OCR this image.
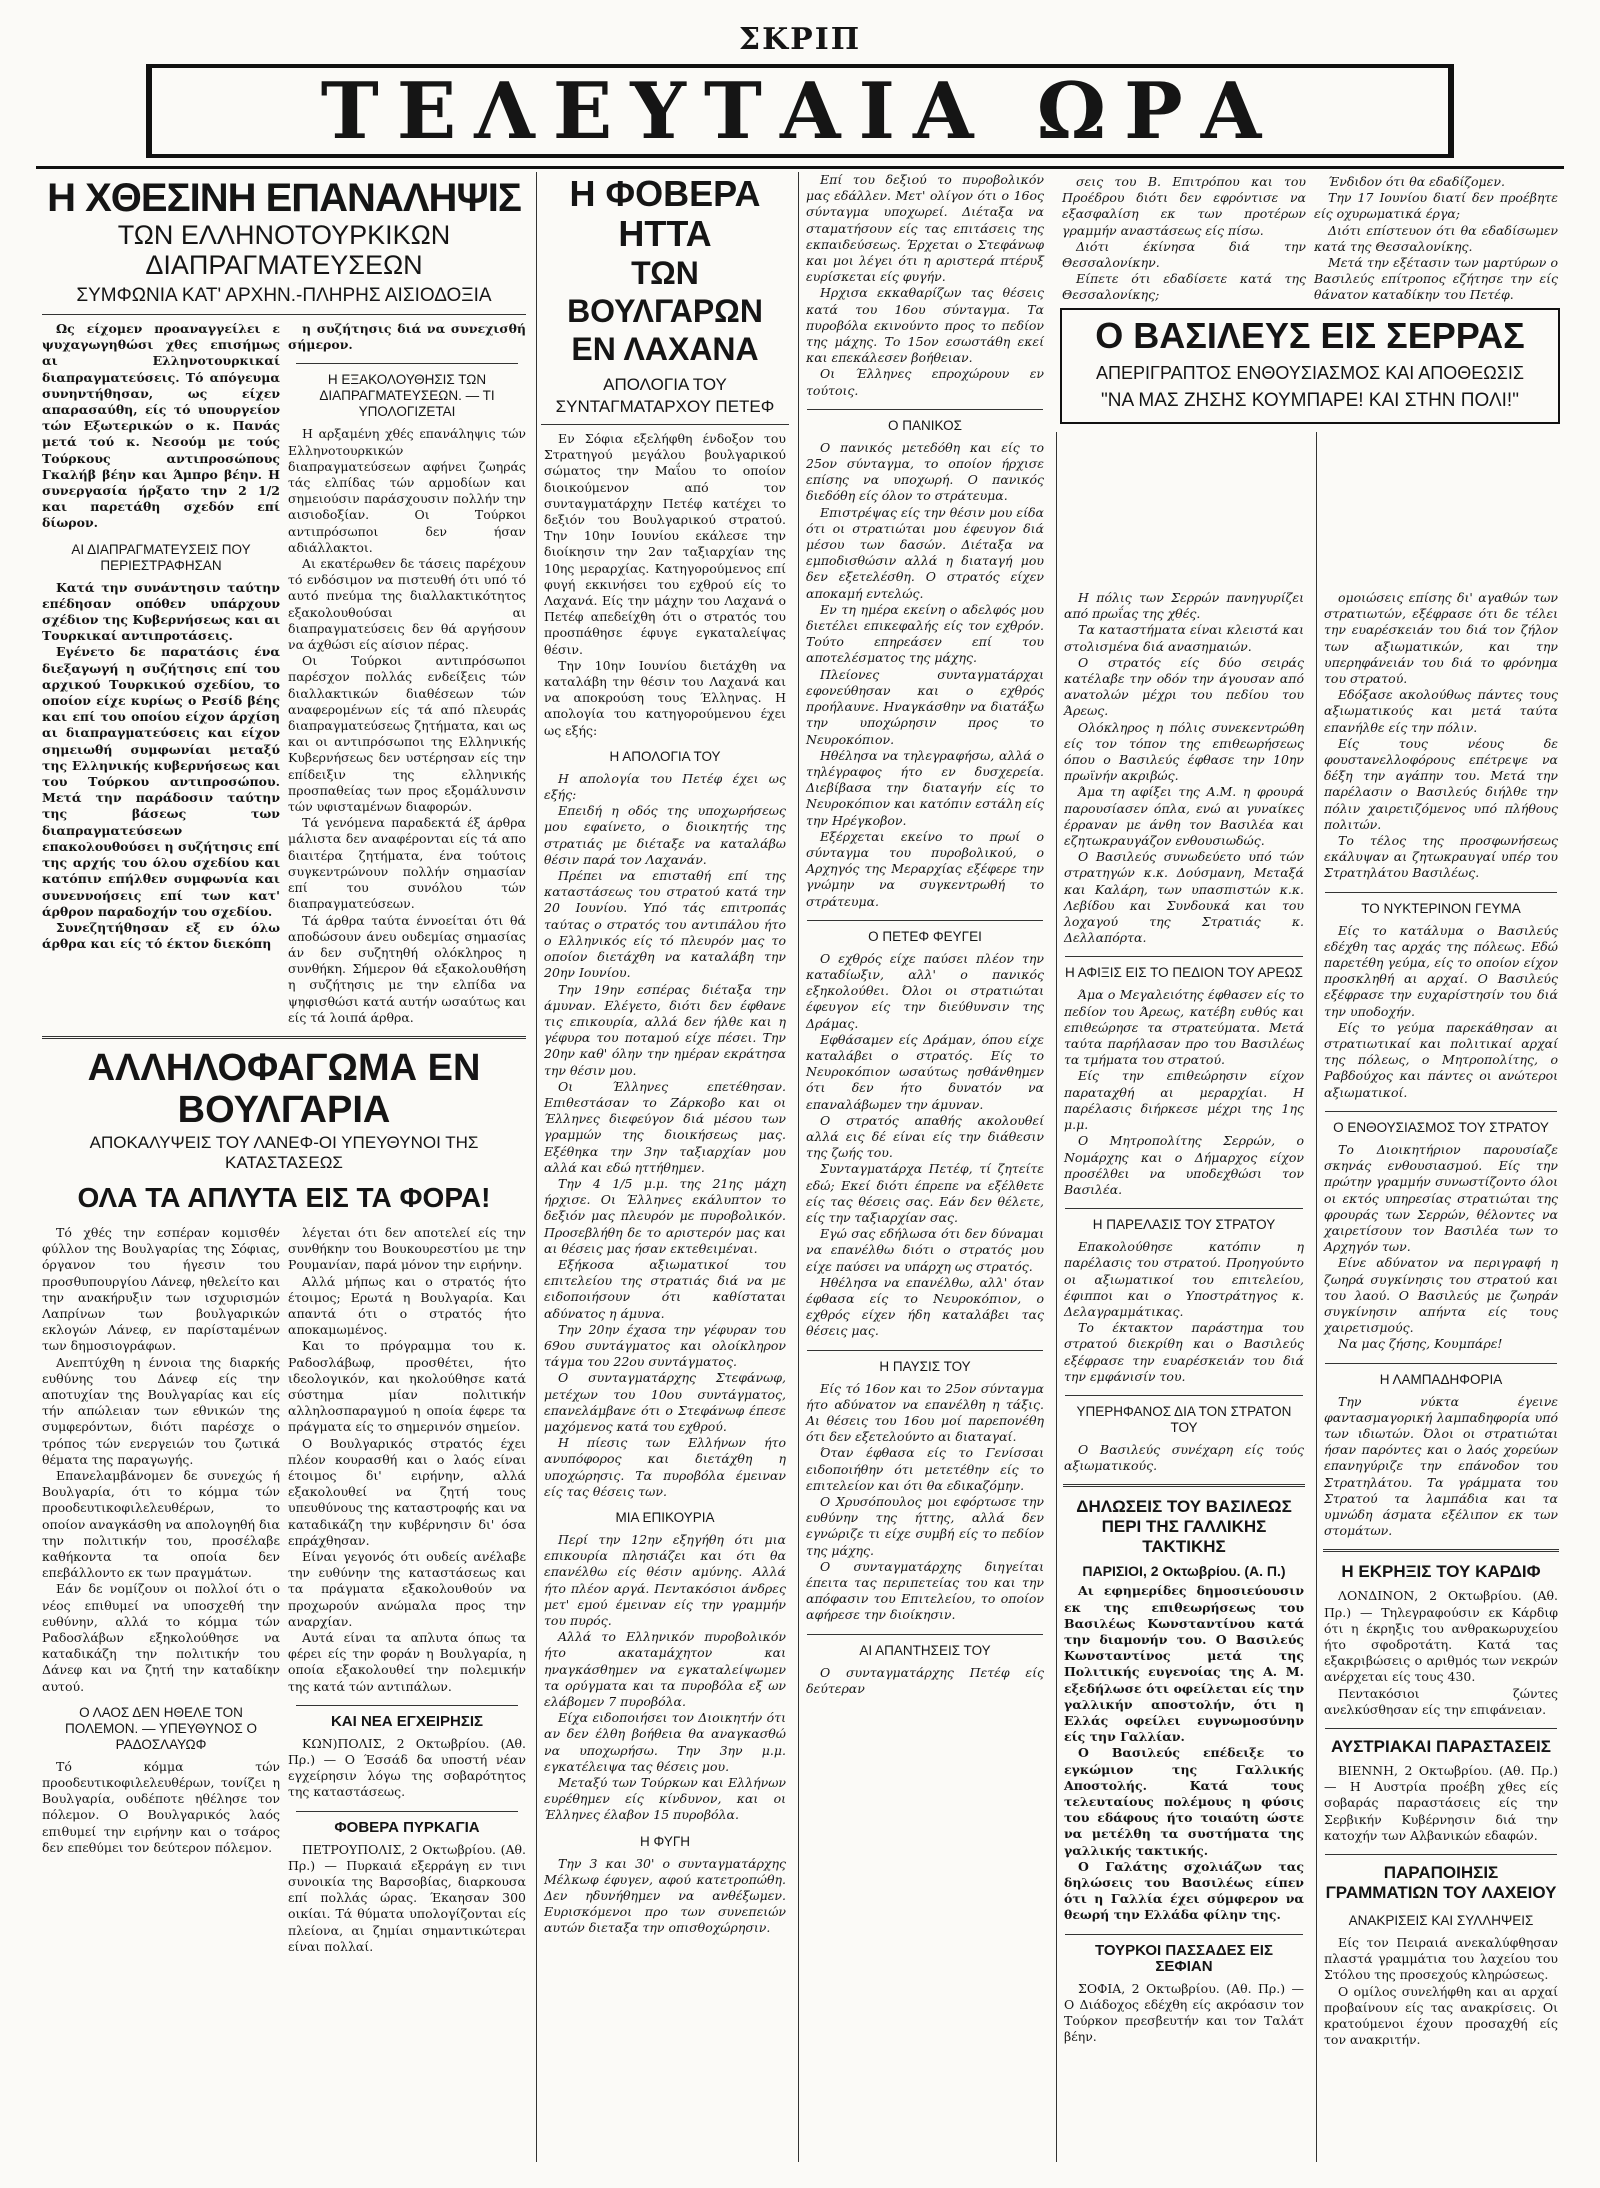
ΣΚΡΙΠ
ΤΕΛΕΥΤΑΙΑ ΩΡΑ
Η ΧΘΕΣΙΝΗ ΕΠΑΝΑΛΗΨΙΣ
ΤΩΝ ΕΛΛΗΝΟΤΟΥΡΚΙΚΩΝ ΔΙΑΠΡΑΓΜΑΤΕΥΣΕΩΝ
ΣΥΜΦΩΝΙΑ ΚΑΤ' ΑΡΧΗΝ.-ΠΛΗΡΗΣ ΑΙΣΙΟΔΟΞΙΑ

Ως είχομεν προαναγγείλει ε ψυχαγωγηθώσι χθες επισήμως αι Ελληνοτουρκικαί διαπραγματεύσεις. Τό απόγευμα συνηντήθησαν, ως είχεν απαρασαύθη, είς τό υπουργείον τών Εξωτερικών ο κ. Πανάς μετά τού κ. Νεσούμ με τούς Τούρκους αντιπροσώπους Γκαλήβ βέην και Άμπρο βέην. Η συνεργασία ήρξατο την 2 1/2 και παρετάθη σχεδόν επί δίωρον.

ΑΙ ΔΙΑΠΡΑΓΜΑΤΕΥΣΕΙΣ ΠΟΥ ΠΕΡΙΕΣΤΡΑΦΗΣΑΝ

Κατά την συνάντησιν ταύτην επέδησαν οπόθεν υπάρχουν σχέδιον της Κυβερνήσεως και αι Τουρκικαί αντιπροτάσεις.

Εγένετο δε παρατάσις ένα διεξαγωγή η συζήτησις επί του αρχικού Τουρκικού σχεδίου, το οποίον είχε κυρίως ο Ρεσίδ βέης και επί του οποίου είχον άρχίση αι διαπραγματεύσεις και είχον σημειωθή συμφωνίαι μεταξύ της Ελληνικής κυβερνήσεως και του Τούρκου αντιπροσώπου. Μετά την παράδοσιν ταύτην της βάσεως των διαπραγματεύσεων επακολουθούσει η συζήτησις επί της αρχής του όλου σχεδίου και κατόπιν επήλθεν συμφωνία και συνεννοήσεις επί των κατ' άρθρον παραδοχήν του σχεδίου.

Συνεζητήθησαν εξ εν όλω άρθρα και είς τό έκτον διεκόπη

η συζήτησις διά να συνεχισθή σήμερον.

Η ΕΞΑΚΟΛΟΥΘΗΣΙΣ ΤΩΝ ΔΙΑΠΡΑΓΜΑΤΕΥΣΕΩΝ. — ΤΙ ΥΠΟΛΟΓΙΖΕΤΑΙ

Η αρξαμένη χθές επανάληψις τών Ελληνοτουρκικών διαπραγματεύσεων αφήνει ζωηράς τάς ελπίδας τών αρμοδίων και σημειούσιν παράσχουσιν πολλήν την αισιοδοξίαν. Οι Τούρκοι αντιπρόσωποι δεν ήσαν αδιάλλακτοι.

Αι εκατέρωθεν δε τάσεις παρέχουν τό ενδόσιμον να πιστευθή ότι υπό τό αυτό πνεύμα της διαλλακτικότητος εξακολουθούσαι αι διαπραγματεύσεις δεν θά αργήσουν να άχθώσι είς αίσιον πέρας.

Οι Τούρκοι αντιπρόσωποι παρέσχον πολλάς ενδείξεις τών διαλλακτικών διαθέσεων τών αναφερομένων είς τά από πλευράς διαπραγματεύσεως ζητήματα, και ως και οι αντιπρόσωποι της Ελληνικής Κυβερνήσεως δεν υστέρησαν είς την επίδειξιν της ελληνικής προσπαθείας των προς εξομάλυνσιν τών υφισταμένων διαφορών.

Τά γενόμενα παραδεκτά έξ άρθρα μάλιστα δεν αναφέρονται είς τά απο διαιτέρα ζητήματα, ένα τούτοις συγκεντρώνουν πολλήν σημασίαν επί του συνόλου τών διαπραγματεύσεων.

Τά άρθρα ταύτα έννοείται ότι θά αποδώσουν άνευ ουδεμίας σημασίας άν δεν συζητηθή ολόκληρος η συνθήκη. Σήμερον θά εξακολουθήση η συζήτησις με την ελπίδα να ψηφισθώσι κατά αυτήν ωσαύτως και είς τά λοιπά άρθρα.

ΑΛΛΗΛΟΦΑΓΩΜΑ ΕΝ ΒΟΥΛΓΑΡΙΑ
ΑΠΟΚΑΛΥΨΕΙΣ ΤΟΥ ΛΑΝΕΦ-ΟΙ ΥΠΕΥΘΥΝΟΙ ΤΗΣ ΚΑΤΑΣΤΑΣΕΩΣ
ΟΛΑ ΤΑ ΑΠΛΥΤΑ ΕΙΣ ΤΑ ΦΟΡΑ!

Τό χθές την εσπέραν κομισθέν φύλλον της Βουλγαρίας της Σόφιας, όργανον του ήγεσιν του προσθυπουργίου Λάνεφ, ηθελείτο και την ανακήρυξιν των ισχυρισμών Λαπρίνων των βουλγαρικών εκλογών Λάνεφ, εν παρίσταμένων των δημοσιογράφων.

Ανεπτύχθη η έννοια της διαρκής ευθύνης του Δάνεφ είς την αποτυχίαν της Βουλγαρίας και είς τήν απώλειαν των εθνικών της συμφερόντων, διότι παρέσχε ο τρόπος τών ενεργειών του ζωτικά θέματα της παραγωγής.

Επανελαμβάνομεν δε συνεχώς ή Βουλγαρία, ότι το κόμμα τών προοδευτικοφιλελευθέρων, το οποίον αναγκάσθη να απολογηθή δια την πολιτικήν του, προσέλαβε καθήκοντα τα οποία δεν επεβάλλοντο εκ των πραγμάτων.

Εάν δε νομίζουν οι πολλοί ότι ο νέος επιθυμεί να υποσχεθή την ευθύνην, αλλά το κόμμα τών Ραδοσλάβων εξηκολούθησε να καταδικάζη την πολιτικήν του Δάνεφ και να ζητή την καταδίκην αυτού.

Ο ΛΑΟΣ ΔΕΝ ΗΘΕΛΕ ΤΟΝ ΠΟΛΕΜΟΝ. — ΥΠΕΥΘΥΝΟΣ Ο ΡΑΔΟΣΛΑΥΩΦ

Τό κόμμα τών προοδευτικοφιλελευθέρων, τονίζει η Βουλγαρία, ουδέποτε ηθέλησε τον πόλεμον. Ο Βουλγαρικός λαός επιθυμεί την ειρήνην και ο τσάρος δεν επεθύμει τον δεύτερον πόλεμον.

λέγεται ότι δεν αποτελεί είς την συνθήκην του Βουκουρεστίου με την Ρουμανίαν, παρά μόνον την ειρήνην.

Αλλά μήπως και ο στρατός ήτο έτοιμος; Ερωτά η Βουλγαρία. Και απαντά ότι ο στρατός ήτο αποκαμωμένος.

Και το πρόγραμμα του κ. Ραδοσλάβωφ, προσθέτει, ήτο ιδεολογικόν, και ηκολούθησε κατά σύστημα μίαν πολιτικήν αλληλοσπαραγμού η οποία έφερε τα πράγματα είς το σημερινόν σημείον.

Ο Βουλγαρικός στρατός έχει πλέον κουρασθή και ο λαός είναι έτοιμος δι' ειρήνην, αλλά εξακολουθεί να ζητή τους υπευθύνους της καταστροφής και να καταδικάζη την κυβέρνησιν δι' όσα επράχθησαν.

Είναι γεγονός ότι ουδείς ανέλαβε την ευθύνην της καταστάσεως και τα πράγματα εξακολουθούν να προχωρούν ανώμαλα προς την αναρχίαν.

Αυτά είναι τα απλυτα όπως τα φέρει είς την φοράν η Βουλγαρία, η οποία εξακολουθεί την πολεμικήν της κατά τών αντιπάλων.

ΚΑΙ ΝΕΑ ΕΓΧΕΙΡΗΣΙΣ

ΚΩΝ)ΠΟΛΙΣ, 2 Οκτωβρίου. (Αθ. Πρ.) — Ο Έσσάδ δα υποστή νέαν εγχείρησιν λόγω της σοβαρότητος της καταστάσεως.

ΦΟΒΕΡΑ ΠΥΡΚΑΓΙΑ

ΠΕΤΡΟΥΠΟΛΙΣ, 2 Οκτωβρίου. (Αθ. Πρ.) — Πυρκαιά εξερράγη εν τινι συνοικία της Βαρσοβίας, διαρκουσα επί πολλάς ώρας. Έκαησαν 300 οικίαι. Τά θύματα υπολογίζονται είς πλείονα, αι ζημίαι σημαντικώτεραι είναι πολλαί.

Η ΦΟΒΕΡΑ ΗΤΤΑ
ΤΩΝ ΒΟΥΛΓΑΡΩΝ ΕΝ ΛΑΧΑΝΑ
ΑΠΟΛΟΓΙΑ ΤΟΥ ΣΥΝΤΑΓΜΑΤΑΡΧΟΥ ΠΕΤΕΦ

Εν Σόφια εξελήφθη ένδοξον του Στρατηγού μεγάλου βουλγαρικού σώματος την Μαΐου το οποίον διοικούμενον από τον συνταγματάρχην Πετέφ κατέχει το δεξιόν του Βουλγαρικού στρατού. Την 10ην Ιουνίου εκάλεσε την διοίκησιν την 2αν ταξιαρχίαν της 10ης μεραρχίας. Κατηγορούμενος επί φυγή εκκινήσει του εχθρού είς το Λαχανά. Είς την μάχην του Λαχανά ο Πετέφ απεδείχθη ότι ο στρατός του προσπάθησε έφυγε εγκαταλείψας θέσιν.

Την 10ην Ιουνίου διετάχθη να καταλάβη την θέσιν του Λαχανά και να αποκρούση τους Έλληνας. Η απολογία του κατηγορούμενου έχει ως εξής:

Η ΑΠΟΛΟΓΙΑ ΤΟΥ

Η απολογία του Πετέφ έχει ως εξής:

Επειδή η οδός της υποχωρήσεως μου εφαίνετο, ο διοικητής της στρατιάς με διέταξε να καταλάβω θέσιν παρά τον Λαχανάν.

Πρέπει να επισταθή επί της καταστάσεως του στρατού κατά την 20 Ιουνίου. Υπό τάς επιτροπάς ταύτας ο στρατός του αντιπάλου ήτο ο Ελληνικός είς τό πλευρόν μας το οποίον διετάχθη να καταλάβη την 20ην Ιουνίου.

Την 19ην εσπέρας διέταξα την άμυναν. Ελέγετο, διότι δεν έφθανε τις επικουρία, αλλά δεν ήλθε και η γέφυρα του ποταμού είχε πέσει. Την 20ην καθ' όλην την ημέραν εκράτησα την θέσιν μου.

Οι Έλληνες επετέθησαν. Επιθεστάσαν το Ζάρκοβο και οι Έλληνες διεφεύγον διά μέσου των γραμμών της διοικήσεως μας. Εξέθηκα την 3ην ταξιαρχίαν μου αλλά και εδώ ηττήθημεν.

Την 4 1/5 μ.μ. της 21ης μάχη ήρχισε. Οι Έλληνες εκάλυπτον το δεξιόν μας πλευρόν με πυροβολικόν. Προσεβλήθη δε το αριστερόν μας και αι θέσεις μας ήσαν εκτεθειμέναι.

Εξήκοσα αξιωματικοί του επιτελείου της στρατιάς διά να με ειδοποιήσουν ότι καθίσταται αδύνατος η άμυνα.

Την 20ην έχασα την γέφυραν του 69ου συντάγματος και ολοίκληρον τάγμα του 22ου συντάγματος.

Ο συνταγματάρχης Στεφάνωφ, μετέχων του 10ου συντάγματος, επανελάμβανε ότι ο Στεφάνωφ έπεσε μαχόμενος κατά του εχθρού.

Η πίεσις των Ελλήνων ήτο ανυπόφορος και διετάχθη η υποχώρησις. Τα πυροβόλα έμειναν είς τας θέσεις των.

ΜΙΑ ΕΠΙΚΟΥΡΙΑ

Περί την 12ην εξηγήθη ότι μια επικουρία πλησιάζει και ότι θα επανέλθω είς θέσιν αμύνης. Αλλά ήτο πλέον αργά. Πεντακόσιοι άνδρες μετ' εμού έμειναν είς την γραμμήν του πυρός.

Αλλά το Ελληνικόν πυροβολικόν ήτο ακαταμάχητον και ηναγκάσθημεν να εγκαταλείψωμεν τα ορύγματα και τα πυροβόλα εξ ων ελάβομεν 7 πυροβόλα.

Είχα ειδοποιήσει τον Διοικητήν ότι αν δεν έλθη βοήθεια θα αναγκασθώ να υποχωρήσω. Την 3ην μ.μ. εγκατέλειψα τας θέσεις μου.

Μεταξύ των Τούρκων και Ελλήνων ευρέθημεν είς κίνδυνον, και οι Έλληνες έλαβον 15 πυροβόλα.

Η ΦΥΓΗ

Την 3 και 30' ο συνταγματάρχης Μέλκωφ έφυγεν, αφού κατετροπώθη. Δεν ηδυνήθημεν να ανθέξωμεν. Ευρισκόμενοι προ των συνεπειών αυτών διεταξα την οπισθοχώρησιν.

Επί του δεξιού το πυροβολικόν μας εδάλλεν. Μετ' ολίγον ότι ο 16ος σύνταγμα υποχωρεί. Διέταξα να σταματήσουν είς τας επιτάσεις της εκπαιδεύσεως. Έρχεται ο Στεφάνωφ και μοι λέγει ότι η αριστερά πτέρυξ ευρίσκεται είς φυγήν.

Ηρχισα εκκαθαρίζων τας θέσεις κατά του 16ου σύνταγμα. Τα πυροβόλα εκινούντο προς το πεδίον της μάχης. Το 15ον εσωστάθη εκεί και επεκάλεσεν βοήθειαν.

Οι Έλληνες επροχώρουν εν τούτοις.

Ο ΠΑΝΙΚΟΣ

Ο πανικός μετεδόθη και είς το 25ον σύνταγμα, το οποίον ήρχισε επίσης να υποχωρή. Ο πανικός διεδόθη είς όλον το στράτευμα.

Επιστρέψας είς την θέσιν μου είδα ότι οι στρατιώται μου έφευγον διά μέσου των δασών. Διέταξα να εμποδισθώσιν αλλά η διαταγή μου δεν εξετελέσθη. Ο στρατός είχεν αποκαμή εντελώς.

Εν τη ημέρα εκείνη ο αδελφός μου διετέλει επικεφαλής είς τον εχθρόν. Τούτο επηρεάσεν επί του αποτελέσματος της μάχης.

Πλείονες συνταγματάρχαι εφονεύθησαν και ο εχθρός προήλαυνε. Ηναγκάσθην να διατάξω την υποχώρησιν προς το Νευροκόπιον.

Ηθέλησα να τηλεγραφήσω, αλλά ο τηλέγραφος ήτο εν δυσχερεία. Διεβίβασα την διαταγήν είς το Νευροκόπιον και κατόπιν εστάλη είς την Ηρέγκοβον.

Εξέρχεται εκείνο το πρωί ο σύνταγμα του πυροβολικού, ο Αρχηγός της Μεραρχίας εξέφερε την γνώμην να συγκεντρωθή το στράτευμα.

Ο ΠΕΤΕΦ ΦΕΥΓΕΙ

Ο εχθρός είχε παύσει πλέον την καταδίωξιν, αλλ' ο πανικός εξηκολούθει. Όλοι οι στρατιώται έφευγον είς την διεύθυνσιν της Δράμας.

Εφθάσαμεν είς Δράμαν, όπου είχε καταλάβει ο στρατός. Είς το Νευροκόπιον ωσαύτως ησθάνθημεν ότι δεν ήτο δυνατόν να επαναλάβωμεν την άμυναν.

Ο στρατός απαθής ακολουθεί αλλά εις δέ είναι είς την διάθεσιν της ζωής του.

Συνταγματάρχα Πετέφ, τί ζητείτε εδώ; Εκεί διότι έπρεπε να εξέλθετε είς τας θέσεις σας. Εάν δεν θέλετε, είς την ταξιαρχίαν σας.

Εγώ σας εδήλωσα ότι δεν δύναμαι να επανέλθω διότι ο στρατός μου είχε παύσει να υπάρχη ως στρατός.

Ηθέλησα να επανέλθω, αλλ' όταν έφθασα είς το Νευροκόπιον, ο εχθρός είχεν ήδη καταλάβει τας θέσεις μας.

Η ΠΑΥΣΙΣ ΤΟΥ

Είς τό 16ον και το 25ον σύνταγμα ήτο αδύνατον να επανέλθη η τάξις. Αι θέσεις του 16ου μοί παρεπονέθη ότι δεν εξετελούντο αι διαταγαί.

Όταν έφθασα είς το Γενίσσαι ειδοποιήθην ότι μετετέθην είς το επιτελείον και ότι θα εδικαζόμην.

Ο Χρυσόπουλος μοι εφόρτωσε την ευθύνην της ήττης, αλλά δεν εγνώριζε τι είχε συμβή είς το πεδίον της μάχης.

Ο συνταγματάρχης διηγείται έπειτα τας περιπετείας του και την απόφασιν του Επιτελείου, το οποίον αφήρεσε την διοίκησιν.

ΑΙ ΑΠΑΝΤΗΣΕΙΣ ΤΟΥ

Ο συνταγματάρχης Πετέφ είς δεύτεραν

Η πόλις των Σερρών πανηγυρίζει από πρωΐας της χθές.

Τα καταστήματα είναι κλειστά και στολισμένα διά ανασημαιών.

Ο στρατός είς δύο σειράς κατέλαβε την οδόν την άγουσαν από ανατολών μέχρι του πεδίου του Άρεως.

Ολόκληρος η πόλις συνεκεντρώθη είς τον τόπον της επιθεωρήσεως όπου ο Βασιλεύς έφθασε την 10ην πρωϊνήν ακριβώς.

Άμα τη αφίξει της Α.Μ. η φρουρά παρουσίασεν όπλα, ενώ αι γυναίκες έρραναν με άνθη τον Βασιλέα και εζητωκραυγάζον ενθουσιωδώς.

Ο Βασιλεύς συνωδεύετο υπό τών στρατηγών κ.κ. Δούσμανη, Μεταξά και Καλάρη, των υπασπιστών κ.κ. Λεβίδου και Συνδουκά και του λοχαγού της Στρατιάς κ. Δελλαπόρτα.

Η ΑΦΙΞΙΣ ΕΙΣ ΤΟ ΠΕΔΙΟΝ ΤΟΥ ΑΡΕΩΣ

Άμα ο Μεγαλειότης έφθασεν είς το πεδίον του Άρεως, κατέβη ευθύς και επιθεώρησε τα στρατεύματα. Μετά ταύτα παρήλασαν προ του Βασιλέως τα τμήματα του στρατού.

Είς την επιθεώρησιν είχον παραταχθή αι μεραρχίαι. Η παρέλασις διήρκεσε μέχρι της 1ης μ.μ.

Ο Μητροπολίτης Σερρών, ο Νομάρχης και ο Δήμαρχος είχον προσέλθει να υποδεχθώσι τον Βασιλέα.

Η ΠΑΡΕΛΑΣΙΣ ΤΟΥ ΣΤΡΑΤΟΥ

Επακολούθησε κατόπιν η παρέλασις του στρατού. Προηγούντο οι αξιωματικοί του επιτελείου, έφιπποι και ο Υποστράτηγος κ. Δελαγραμμάτικας.

Το έκτακτον παράστημα του στρατού διεκρίθη και ο Βασιλεύς εξέφρασε την ευαρέσκειάν του διά την εμφάνισίν του.

ΥΠΕΡΗΦΑΝΟΣ ΔΙΑ ΤΟΝ ΣΤΡΑΤΟΝ ΤΟΥ

Ο Βασιλεύς συνέχαρη είς τούς αξιωματικούς.

ΔΗΛΩΣΕΙΣ ΤΟΥ ΒΑΣΙΛΕΩΣ ΠΕΡΙ ΤΗΣ ΓΑΛΛΙΚΗΣ ΤΑΚΤΙΚΗΣ
ΠΑΡΙΣΙΟΙ, 2 Οκτωβρίου. (Α. Π.)

Αι εφημερίδες δημοσιεύουσιν εκ της επιθεωρήσεως του Βασιλέως Κωνσταντίνου κατά την διαμονήν του. Ο Βασιλεύς Κωνσταντίνος μετά της Πολιτικής ευγενοίας της Α. Μ. εξεδήλωσε ότι οφείλεται είς την γαλλικήν αποστολήν, ότι η Ελλάς οφείλει ευγνωμοσύνην είς την Γαλλίαν.

Ο Βασιλεύς επέδειξε το εγκώμιον της Γαλλικής Αποστολής. Κατά τους τελευταίους πολέμους η φύσις του εδάφους ήτο τοιαύτη ώστε να μετέλθη τα συστήματα της γαλλικής τακτικής.

Ο Γαλάτης σχολιάζων τας δηλώσεις του Βασιλέως είπεν ότι η Γαλλία έχει σύμφερον να θεωρή την Ελλάδα φίλην της.

ΤΟΥΡΚΟΙ ΠΑΣΣΑΔΕΣ ΕΙΣ ΣΕΦΙΑΝ

ΣΟΦΙΑ, 2 Οκτωβρίου. (Αθ. Πρ.) — Ο Διάδοχος εδέχθη είς ακρόασιν τον Τούρκον πρεσβευτήν και τον Ταλάτ βέην.

ομοιώσεις επίσης δι' αγαθών των στρατιωτών, εξέφρασε ότι δε τέλει την ευαρέσκειάν του διά τον ζήλον των αξιωματικών, και την υπερηφάνειάν του διά το φρόνημα του στρατού.

Εδόξασε ακολούθως πάντες τους αξιωματικούς και μετά ταύτα επανήλθε είς την πόλιν.

Είς τους νέους δε φουστανελλοφόρους επέτρεψε να δέξη την αγάπην του. Μετά την παρέλασιν ο Βασιλεύς διήλθε την πόλιν χαιρετιζόμενος υπό πλήθους πολιτών.

Το τέλος της προσφωνήσεως εκάλυψαν αι ζητωκραυγαί υπέρ του Στρατηλάτου Βασιλέως.

ΤΟ ΝΥΚΤΕΡΙΝΟΝ ΓΕΥΜΑ

Είς το κατάλυμα ο Βασιλεύς εδέχθη τας αρχάς της πόλεως. Εδώ παρετέθη γεύμα, είς το οποίον είχον προσκληθή αι αρχαί. Ο Βασιλεύς εξέφρασε την ευχαρίστησίν του διά την υποδοχήν.

Είς το γεύμα παρεκάθησαν αι στρατιωτικαί και πολιτικαί αρχαί της πόλεως, ο Μητροπολίτης, ο Ραβδούχος και πάντες οι ανώτεροι αξιωματικοί.

Ο ΕΝΘΟΥΣΙΑΣΜΟΣ ΤΟΥ ΣΤΡΑΤΟΥ

Το Διοικητήριον παρουσίαζε σκηνάς ενθουσιασμού. Είς την πρώτην γραμμήν συνωστίζοντο όλοι οι εκτός υπηρεσίας στρατιώται της φρουράς των Σερρών, θέλοντες να χαιρετίσουν τον Βασιλέα των το Αρχηγόν των.

Είνε αδύνατον να περιγραφή η ζωηρά συγκίνησις του στρατού και του λαού. Ο Βασιλεύς με ζωηράν συγκίνησιν απήντα είς τους χαιρετισμούς.

Να μας ζήσης, Κουμπάρε!

Η ΛΑΜΠΑΔΗΦΟΡΙΑ

Την νύκτα έγεινε φαντασμαγορική λαμπαδηφορία υπό των ιδιωτών. Όλοι οι στρατιώται ήσαν παρόντες και ο λαός χορεύων επανηγύριζε την επάνοδον του Στρατηλάτου. Τα γράμματα του Στρατού τα λαμπάδια και τα υμνώδη άσματα εξέλιπον εκ των στομάτων.

Η ΕΚΡΗΞΙΣ ΤΟΥ ΚΑΡΔΙΦ

ΛΟΝΔΙΝΟΝ, 2 Οκτωβρίου. (Αθ. Πρ.) — Τηλεγραφούσιν εκ Κάρδιφ ότι η έκρηξις του ανθρακωρυχείου ήτο σφοδροτάτη. Κατά τας εξακριβώσεις ο αριθμός των νεκρών ανέρχεται είς τους 430.

Πεντακόσιοι ζώντες ανελκύσθησαν είς την επιφάνειαν.

ΑΥΣΤΡΙΑΚΑΙ ΠΑΡΑΣΤΑΣΕΙΣ

ΒΙΕΝΝΗ, 2 Οκτωβρίου. (Αθ. Πρ.) — Η Αυστρία προέβη χθες είς σοβαράς παραστάσεις είς την Σερβικήν Κυβέρνησιν διά την κατοχήν των Αλβανικών εδαφών.

ΠΑΡΑΠΟΙΗΣΙΣ ΓΡΑΜΜΑΤΙΩΝ ΤΟΥ ΛΑΧΕΙΟΥ
ΑΝΑΚΡΙΣΕΙΣ ΚΑΙ ΣΥΛΛΗΨΕΙΣ

Είς τον Πειραιά ανεκαλύφθησαν πλαστά γραμμάτια του λαχείου του Στόλου της προσεχούς κληρώσεως.

Ο ομίλος συνελήφθη και αι αρχαί προβαίνουν είς τας ανακρίσεις. Οι κρατούμενοι έχουν προσαχθή είς τον ανακριτήν.

σεις του Β. Επιτρόπου και του Προέδρου διότι δεν εφρόντισε να εξασφαλίση εκ των προτέρων γραμμήν αναστάσεως είς πίσω.

Διότι έκίνησα διά την Θεσσαλονίκην.

Είπετε ότι εδαδίσετε κατά της Θεσσαλονίκης;

Ένδιδον ότι θα εδαδίζομεν.

Την 17 Ιουνίου διατί δεν προέβητε είς οχυρωματικά έργα;

Διότι επίστευον ότι θα εδαδίσωμεν κατά της Θεσσαλονίκης.

Μετά την εξέτασιν των μαρτύρων ο Βασιλεύς επίτροπος εζήτησε την είς θάνατον καταδίκην του Πετέφ.

Ο ΒΑΣΙΛΕΥΣ ΕΙΣ ΣΕΡΡΑΣ
ΑΠΕΡΙΓΡΑΠΤΟΣ ΕΝΘΟΥΣΙΑΣΜΟΣ ΚΑΙ ΑΠΟΘΕΩΣΙΣ
"ΝΑ ΜΑΣ ΖΗΣΗΣ ΚΟΥΜΠΑΡΕ! ΚΑΙ ΣΤΗΝ ΠΟΛΙ!"
